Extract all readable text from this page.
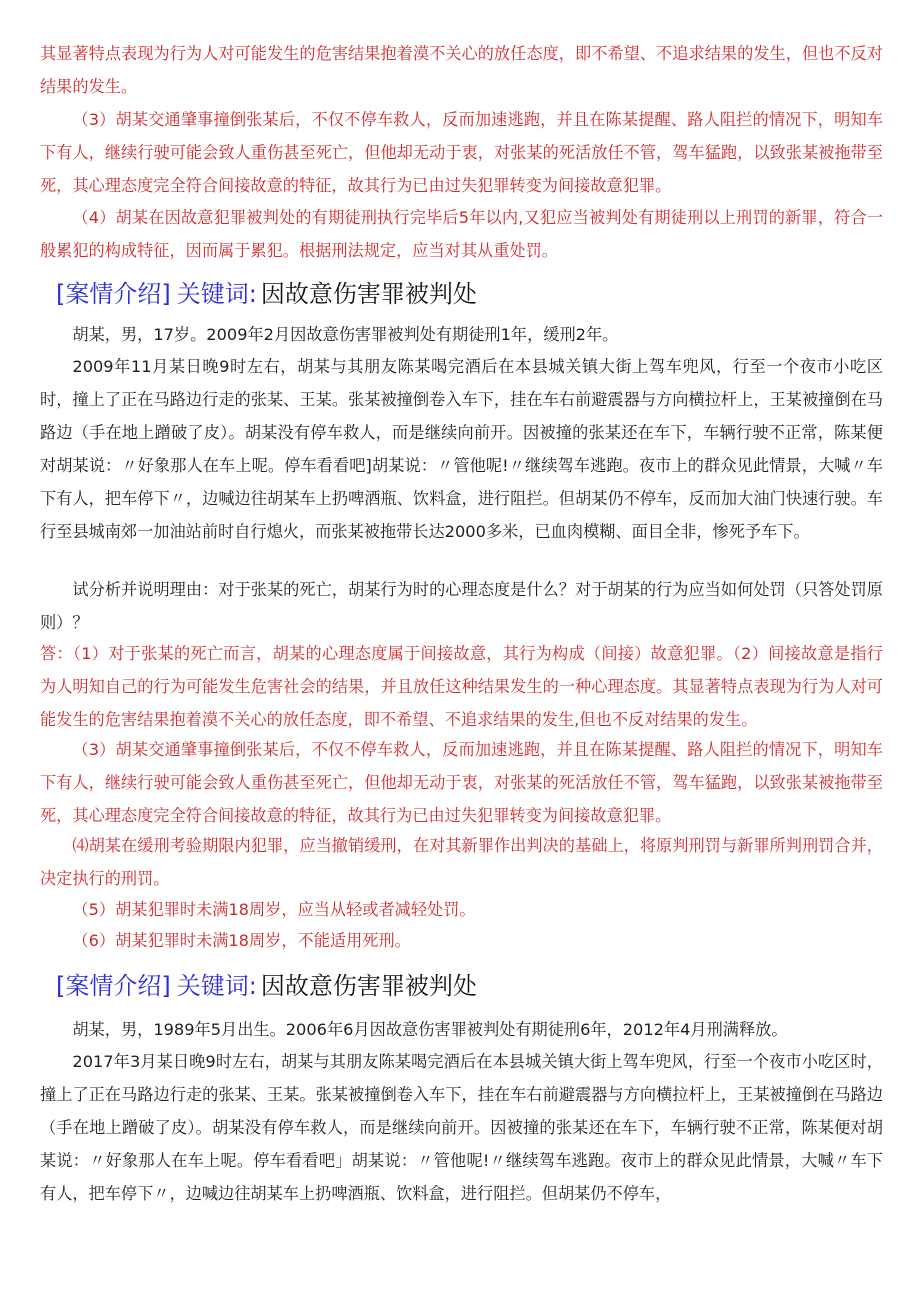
其显著特点表现为行为人对可能发生的危害结果抱着漠不关心的放任态度，即不希望、不追求结果的发生，但也不反对结果的发生。

（3）胡某交通肇事撞倒张某后，不仅不停车救人，反而加速逃跑，并且在陈某提醒、路人阻拦的情况下，明知车下有人，继续行驶可能会致人重伤甚至死亡，但他却无动于衷，对张某的死活放任不管，驾车猛跑，以致张某被拖带至死，其心理态度完全符合间接故意的特征，故其行为已由过失犯罪转变为间接故意犯罪。

（4）胡某在因故意犯罪被判处的有期徒刑执行完毕后5年以内,又犯应当被判处有期徒刑以上刑罚的新罪，符合一般累犯的构成特征，因而属于累犯。根据刑法规定，应当对其从重处罚。

[案情介绍] 关键词: 因故意伤害罪被判处

胡某，男，17岁。2009年2月因故意伤害罪被判处有期徒刑1年，缓刑2年。

2009年11月某日晚9时左右，胡某与其朋友陈某喝完酒后在本县城关镇大街上驾车兜风，行至一个夜市小吃区时，撞上了正在马路边行走的张某、王某。张某被撞倒卷入车下，挂在车右前避震器与方向横拉杆上，王某被撞倒在马路边（手在地上蹭破了皮）。胡某没有停车救人，而是继续向前开。因被撞的张某还在车下，车辆行驶不正常，陈某便对胡某说：〃好象那人在车上呢。停车看看吧]胡某说：〃管他呢!〃继续驾车逃跑。夜市上的群众见此情景，大喊〃车下有人，把车停下〃，边喊边往胡某车上扔啤酒瓶、饮料盒，进行阻拦。但胡某仍不停车，反而加大油门快速行驶。车行至县城南郊一加油站前时自行熄火，而张某被拖带长达2000多米，已血肉模糊、面目全非，惨死予车下。

试分析并说明理由：对于张某的死亡，胡某行为时的心理态度是什么？对于胡某的行为应当如何处罚（只答处罚原则）？

答：（1）对于张某的死亡而言，胡某的心理态度属于间接故意，其行为构成（间接）故意犯罪。（2）间接故意是指行为人明知自己的行为可能发生危害社会的结果，并且放任这种结果发生的一种心理态度。其显著特点表现为行为人对可能发生的危害结果抱着漠不关心的放任态度，即不希望、不追求结果的发生,但也不反对结果的发生。

（3）胡某交通肇事撞倒张某后，不仅不停车救人，反而加速逃跑，并且在陈某提醒、路人阻拦的情况下，明知车下有人，继续行驶可能会致人重伤甚至死亡，但他却无动于衷，对张某的死活放任不管，驾车猛跑，以致张某被拖带至死，其心理态度完全符合间接故意的特征，故其行为已由过失犯罪转变为间接故意犯罪。

⑷胡某在缓刑考验期限内犯罪，应当撤销缓刑，在对其新罪作出判决的基础上，将原判刑罚与新罪所判刑罚合并，决定执行的刑罚。

（5）胡某犯罪时未满18周岁，应当从轻或者减轻处罚。

（6）胡某犯罪时未满18周岁，不能适用死刑。

[案情介绍] 关键词: 因故意伤害罪被判处

胡某，男，1989年5月出生。2006年6月因故意伤害罪被判处有期徒刑6年，2012年4月刑满释放。

2017年3月某日晚9时左右，胡某与其朋友陈某喝完酒后在本县城关镇大街上驾车兜风，行至一个夜市小吃区时，撞上了正在马路边行走的张某、王某。张某被撞倒卷入车下，挂在车右前避震器与方向横拉杆上，王某被撞倒在马路边（手在地上蹭破了皮）。胡某没有停车救人，而是继续向前开。因被撞的张某还在车下，车辆行驶不正常，陈某便对胡某说：〃好象那人在车上呢。停车看看吧」胡某说：〃管他呢!〃继续驾车逃跑。夜市上的群众见此情景，大喊〃车下有人，把车停下〃，边喊边往胡某车上扔啤酒瓶、饮料盒，进行阻拦。但胡某仍不停车，
